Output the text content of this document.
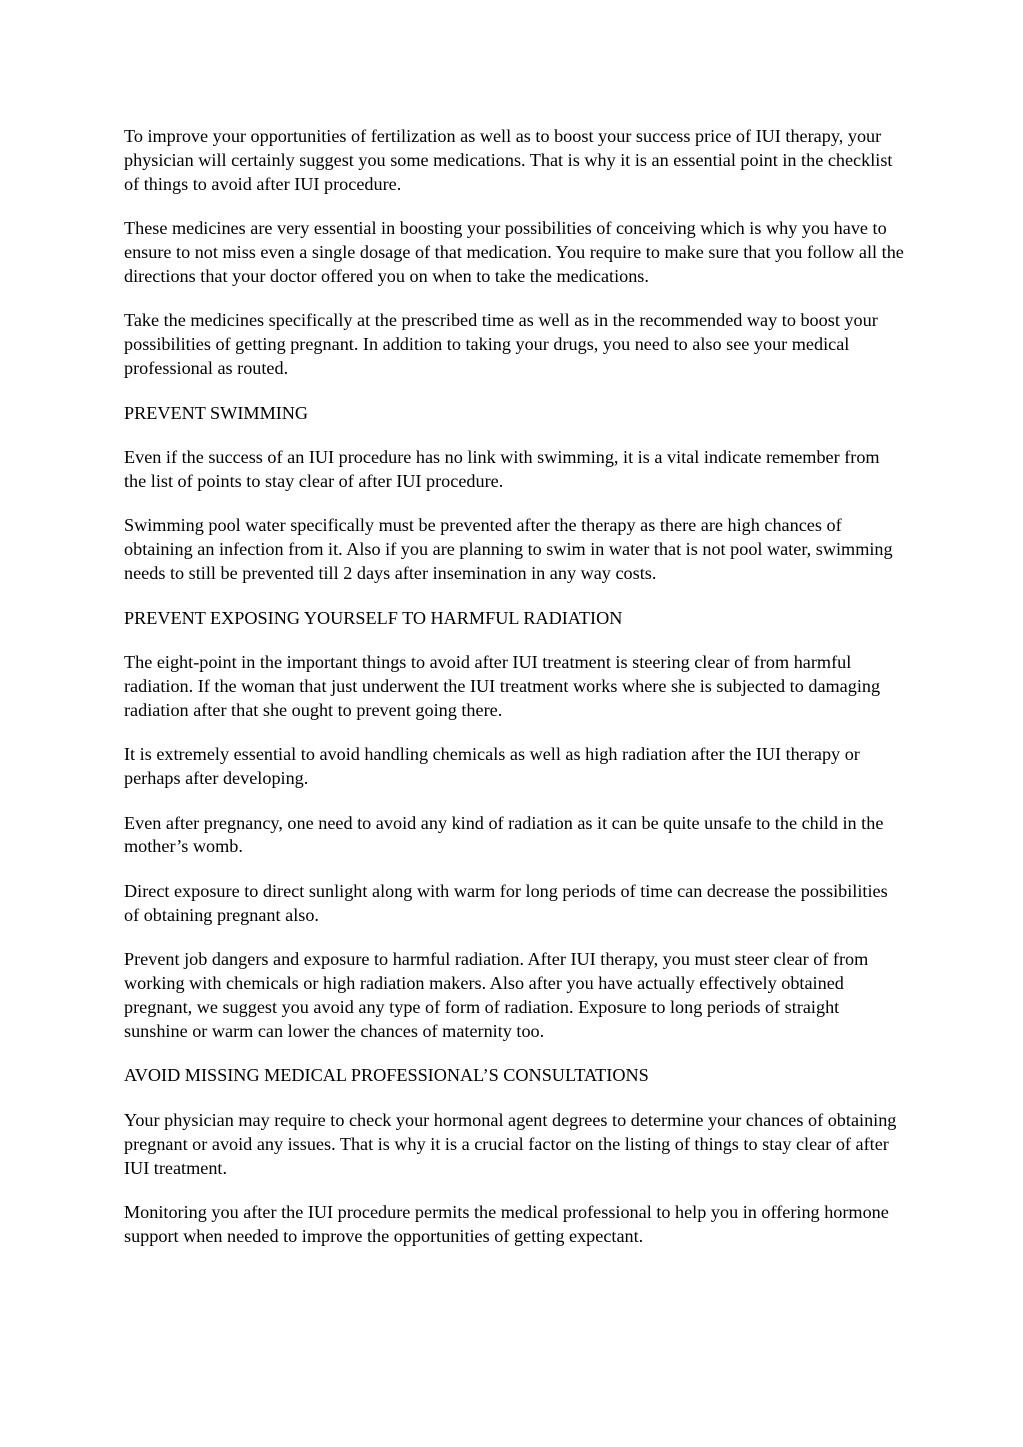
To improve your opportunities of fertilization as well as to boost your success price of IUI therapy, your physician will certainly suggest you some medications. That is why it is an essential point in the checklist of things to avoid after IUI procedure.

These medicines are very essential in boosting your possibilities of conceiving which is why you have to ensure to not miss even a single dosage of that medication. You require to make sure that you follow all the directions that your doctor offered you on when to take the medications.

Take the medicines specifically at the prescribed time as well as in the recommended way to boost your possibilities of getting pregnant. In addition to taking your drugs, you need to also see your medical professional as routed.

PREVENT SWIMMING

Even if the success of an IUI procedure has no link with swimming, it is a vital indicate remember from the list of points to stay clear of after IUI procedure.

Swimming pool water specifically must be prevented after the therapy as there are high chances of obtaining an infection from it. Also if you are planning to swim in water that is not pool water, swimming needs to still be prevented till 2 days after insemination in any way costs.

PREVENT EXPOSING YOURSELF TO HARMFUL RADIATION

The eight-point in the important things to avoid after IUI treatment is steering clear of from harmful radiation. If the woman that just underwent the IUI treatment works where she is subjected to damaging radiation after that she ought to prevent going there.

It is extremely essential to avoid handling chemicals as well as high radiation after the IUI therapy or perhaps after developing.

Even after pregnancy, one need to avoid any kind of radiation as it can be quite unsafe to the child in the mother’s womb.

Direct exposure to direct sunlight along with warm for long periods of time can decrease the possibilities of obtaining pregnant also.

Prevent job dangers and exposure to harmful radiation. After IUI therapy, you must steer clear of from working with chemicals or high radiation makers. Also after you have actually effectively obtained pregnant, we suggest you avoid any type of form of radiation. Exposure to long periods of straight sunshine or warm can lower the chances of maternity too.

AVOID MISSING MEDICAL PROFESSIONAL’S CONSULTATIONS

Your physician may require to check your hormonal agent degrees to determine your chances of obtaining pregnant or avoid any issues. That is why it is a crucial factor on the listing of things to stay clear of after IUI treatment.

Monitoring you after the IUI procedure permits the medical professional to help you in offering hormone support when needed to improve the opportunities of getting expectant.
